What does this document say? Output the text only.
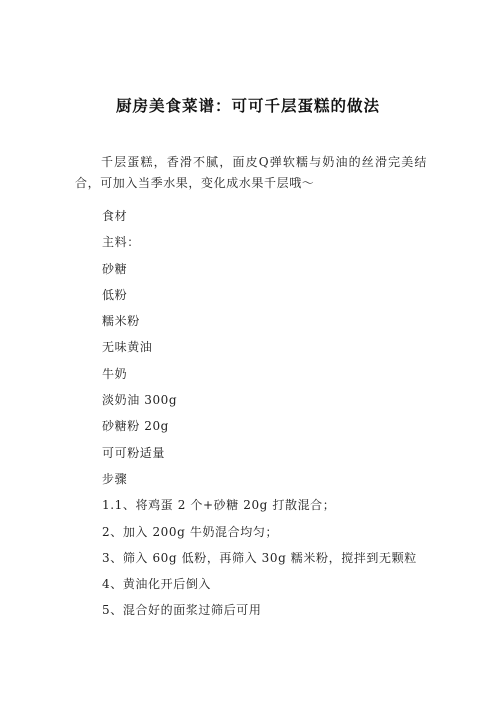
厨房美食菜谱：可可千层蛋糕的做法

千层蛋糕，香滑不腻，面皮Q弹软糯与奶油的丝滑完美结合，可加入当季水果，变化成水果千层哦～

食材
主料：
砂糖
低粉
糯米粉
无味黄油
牛奶
淡奶油 300g
砂糖粉 20g
可可粉适量
步骤
1.1、将鸡蛋 2 个+砂糖 20g 打散混合；
2、加入 200g 牛奶混合均匀；
3、筛入 60g 低粉，再筛入 30g 糯米粉，搅拌到无颗粒
4、黄油化开后倒入
5、混合好的面浆过筛后可用
